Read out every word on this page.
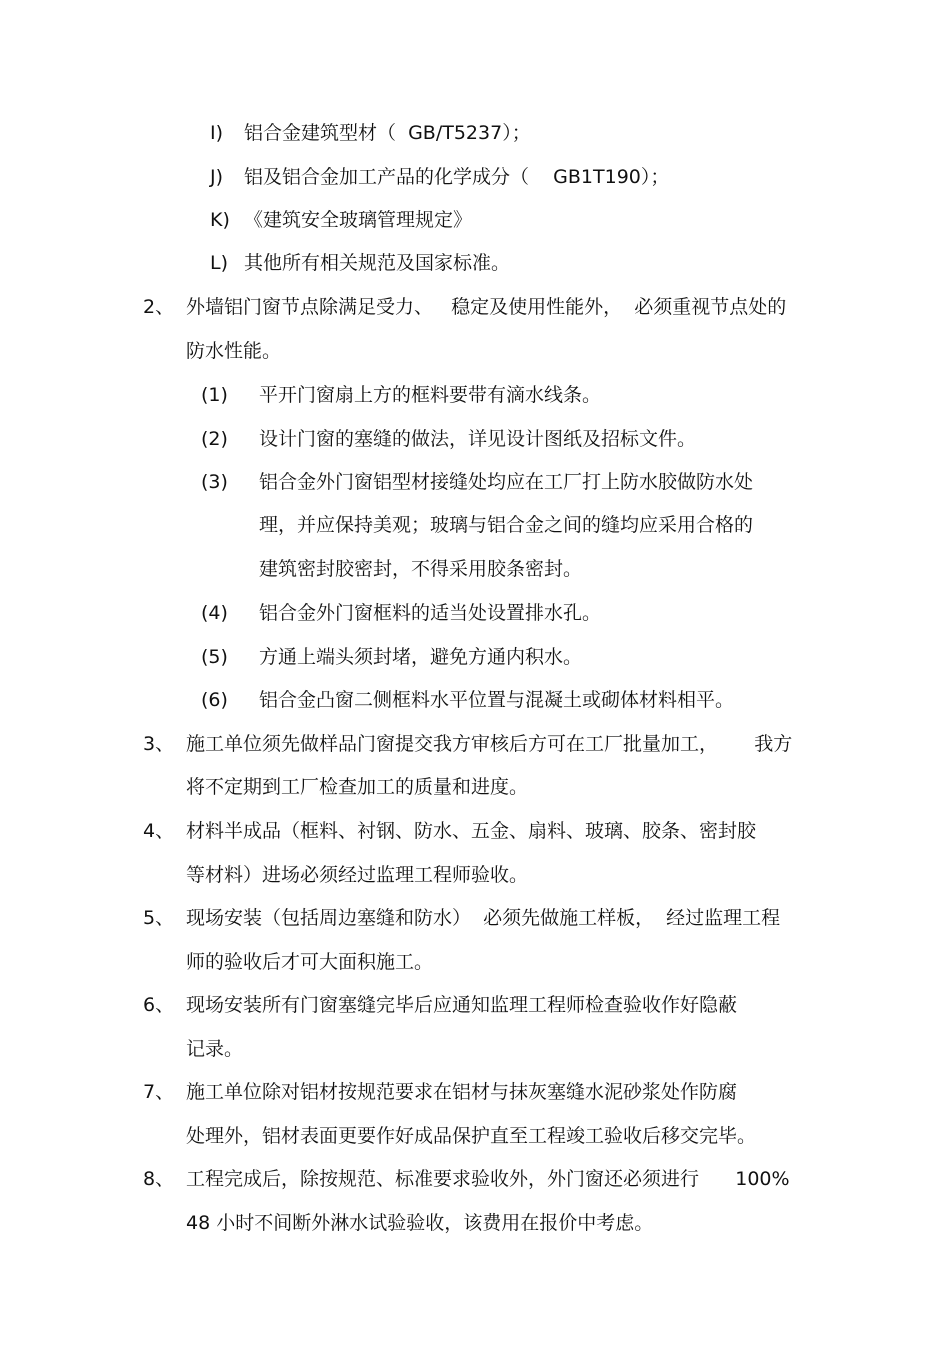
I) 铝合金建筑型材（  GB/T5237）；
J) 铝及铝合金加工产品的化学成分（    GB1T190）；
K) 《建筑安全玻璃管理规定》
L) 其他所有相关规范及国家标准。
2、 外墙铝门窗节点除满足受力、   稳定及使用性能外，  必须重视节点处的
防水性能。
(1) 平开门窗扇上方的框料要带有滴水线条。
(2) 设计门窗的塞缝的做法，详见设计图纸及招标文件。
(3) 铝合金外门窗铝型材接缝处均应在工厂打上防水胶做防水处
理，并应保持美观；玻璃与铝合金之间的缝均应采用合格的
建筑密封胶密封，不得采用胶条密封。
(4) 铝合金外门窗框料的适当处设置排水孔。
(5) 方通上端头须封堵，避免方通内积水。
(6) 铝合金凸窗二侧框料水平位置与混凝土或砌体材料相平。
3、 施工单位须先做样品门窗提交我方审核后方可在工厂批量加工，      我方
将不定期到工厂检查加工的质量和进度。
4、 材料半成品（框料、衬钢、防水、五金、扇料、玻璃、胶条、密封胶
等材料）进场必须经过监理工程师验收。
5、 现场安装（包括周边塞缝和防水）  必须先做施工样板，  经过监理工程
师的验收后才可大面积施工。
6、 现场安装所有门窗塞缝完毕后应通知监理工程师检查验收作好隐蔽
记录。
7、 施工单位除对铝材按规范要求在铝材与抹灰塞缝水泥砂浆处作防腐
处理外，铝材表面更要作好成品保护直至工程竣工验收后移交完毕。
8、 工程完成后，除按规范、标准要求验收外，外门窗还必须进行      100%
48 小时不间断外淋水试验验收，该费用在报价中考虑。
